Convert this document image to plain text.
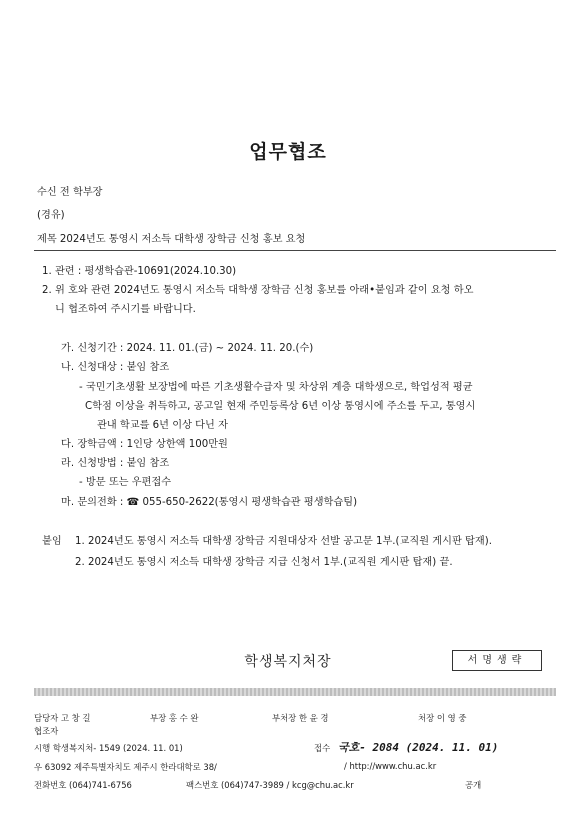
업무협조
수신 전 학부장
(경유)
제목 2024년도 통영시 저소득 대학생 장학금 신청 홍보 요청
1. 관련 : 평생학습관-10691(2024.10.30)
2. 위 호와 관련 2024년도 통영시 저소득 대학생 장학금 신청 홍보를 아래•붙임과 같이 요청 하오
니 협조하여 주시기를 바랍니다.
가. 신청기간 : 2024. 11. 01.(금) ~ 2024. 11. 20.(수)
나. 신청대상 : 붙임 참조
- 국민기초생활 보장법에 따른 기초생활수급자 및 차상위 계층 대학생으로, 학업성적 평균
C학점 이상을 취득하고, 공고일 현재 주민등록상 6년 이상 통영시에 주소를 두고, 통영시
관내 학교를 6년 이상 다닌 자
다. 장학금액 : 1인당 상한액 100만원
라. 신청방법 : 붙임 참조
- 방문 또는 우편접수
마. 문의전화 : ☎ 055-650-2622(통영시 평생학습관 평생학습팀)
붙임 1. 2024년도 통영시 저소득 대학생 장학금 지원대상자 선발 공고문 1부.(교직원 게시판 탑재).
2. 2024년도 통영시 저소득 대학생 장학금 지급 신청서 1부.(교직원 게시판 탑재) 끝.
학생복지처장	서명생략
담당자 고 창 길	부장 홍 수 완	부처장 한 윤 경	처장 이 영 중
협조자
시행 학생복지처- 1549 (2024. 11. 01)	접수 국호- 2084 (2024. 11. 01)
우 63092 제주특별자치도 제주시 한라대학로 38/	/ http://www.chu.ac.kr
전화번호 (064)741-6756	팩스번호 (064)747-3989 / kcg@chu.ac.kr	공개
